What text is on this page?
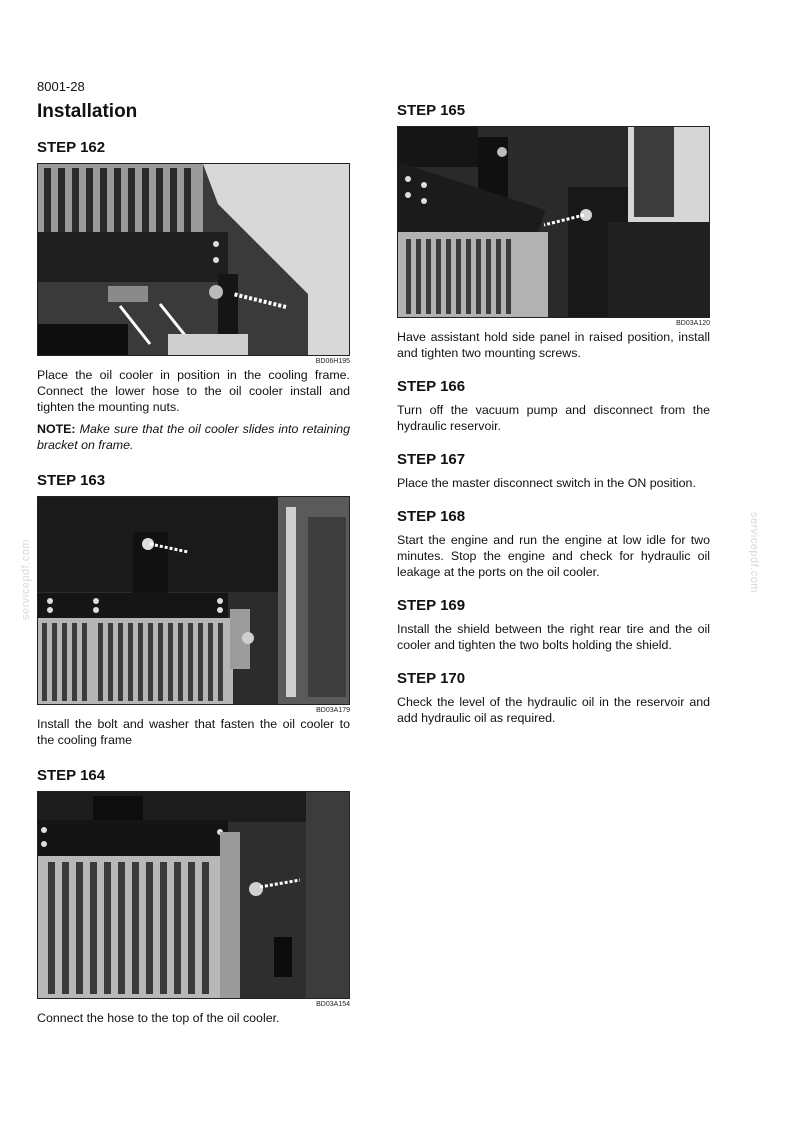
8001-28
Installation
servicepdf.com	servicepdf.com
STEP 162
BD06H195

Place the oil cooler in position in the cooling frame. Connect the lower hose to the oil cooler install and tighten the mounting nuts.

NOTE: Make sure that the oil cooler slides into retaining bracket on frame.

STEP 163
BD03A179

Install the bolt and washer that fasten the oil cooler to the cooling frame

STEP 164
BD03A154

Connect the hose to the top of the oil cooler.

STEP 165
BD03A120

Have assistant hold side panel in raised position, install and tighten two mounting screws.

STEP 166

Turn off the vacuum pump and disconnect from the hydraulic reservoir.

STEP 167

Place the master disconnect switch in the ON position.

STEP 168

Start the engine and run the engine at low idle for two minutes. Stop the engine and check for hydraulic oil leakage at the ports on the oil cooler.

STEP 169

Install the shield between the right rear tire and the oil cooler and tighten the two bolts holding the shield.

STEP 170

Check the level of the hydraulic oil in the reservoir and add hydraulic oil as required.
